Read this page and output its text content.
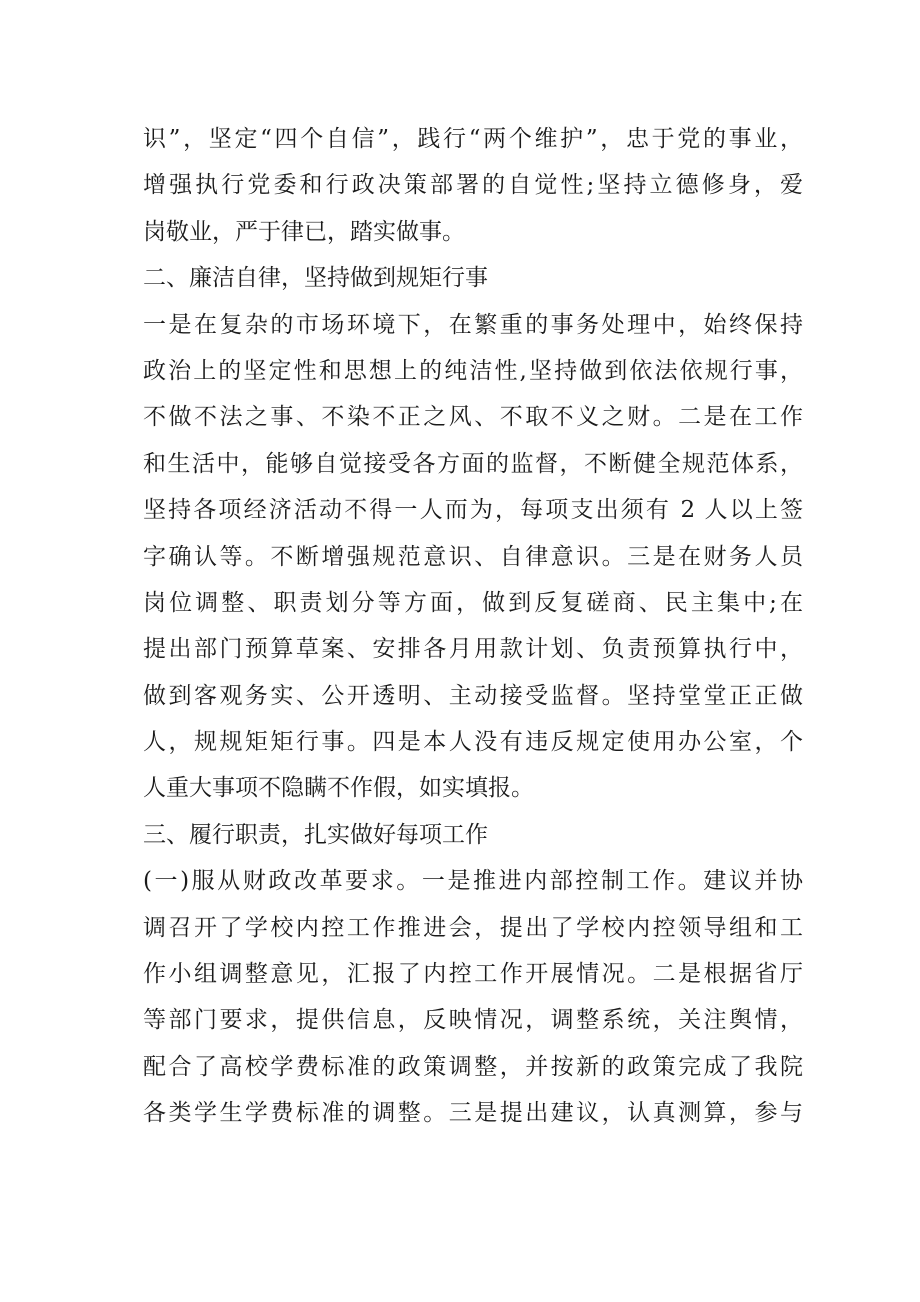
识”，坚定“四个自信”，践行“两个维护”，忠于党的事业，
增强执行党委和行政决策部署的自觉性;坚持立德修身，爱
岗敬业，严于律已，踏实做事。
二、廉洁自律，坚持做到规矩行事
一是在复杂的市场环境下，在繁重的事务处理中，始终保持
政治上的坚定性和思想上的纯洁性,坚持做到依法依规行事，
不做不法之事、不染不正之风、不取不义之财。二是在工作
和生活中，能够自觉接受各方面的监督，不断健全规范体系，
坚持各项经济活动不得一人而为，每项支出须有 2 人以上签
字确认等。不断增强规范意识、自律意识。三是在财务人员
岗位调整、职责划分等方面，做到反复磋商、民主集中;在
提出部门预算草案、安排各月用款计划、负责预算执行中，
做到客观务实、公开透明、主动接受监督。坚持堂堂正正做
人，规规矩矩行事。四是本人没有违反规定使用办公室，个
人重大事项不隐瞒不作假，如实填报。
三、履行职责，扎实做好每项工作
(一)服从财政改革要求。一是推进内部控制工作。建议并协
调召开了学校内控工作推进会，提出了学校内控领导组和工
作小组调整意见，汇报了内控工作开展情况。二是根据省厅
等部门要求，提供信息，反映情况，调整系统，关注舆情，
配合了高校学费标准的政策调整，并按新的政策完成了我院
各类学生学费标准的调整。三是提出建议，认真测算，参与
